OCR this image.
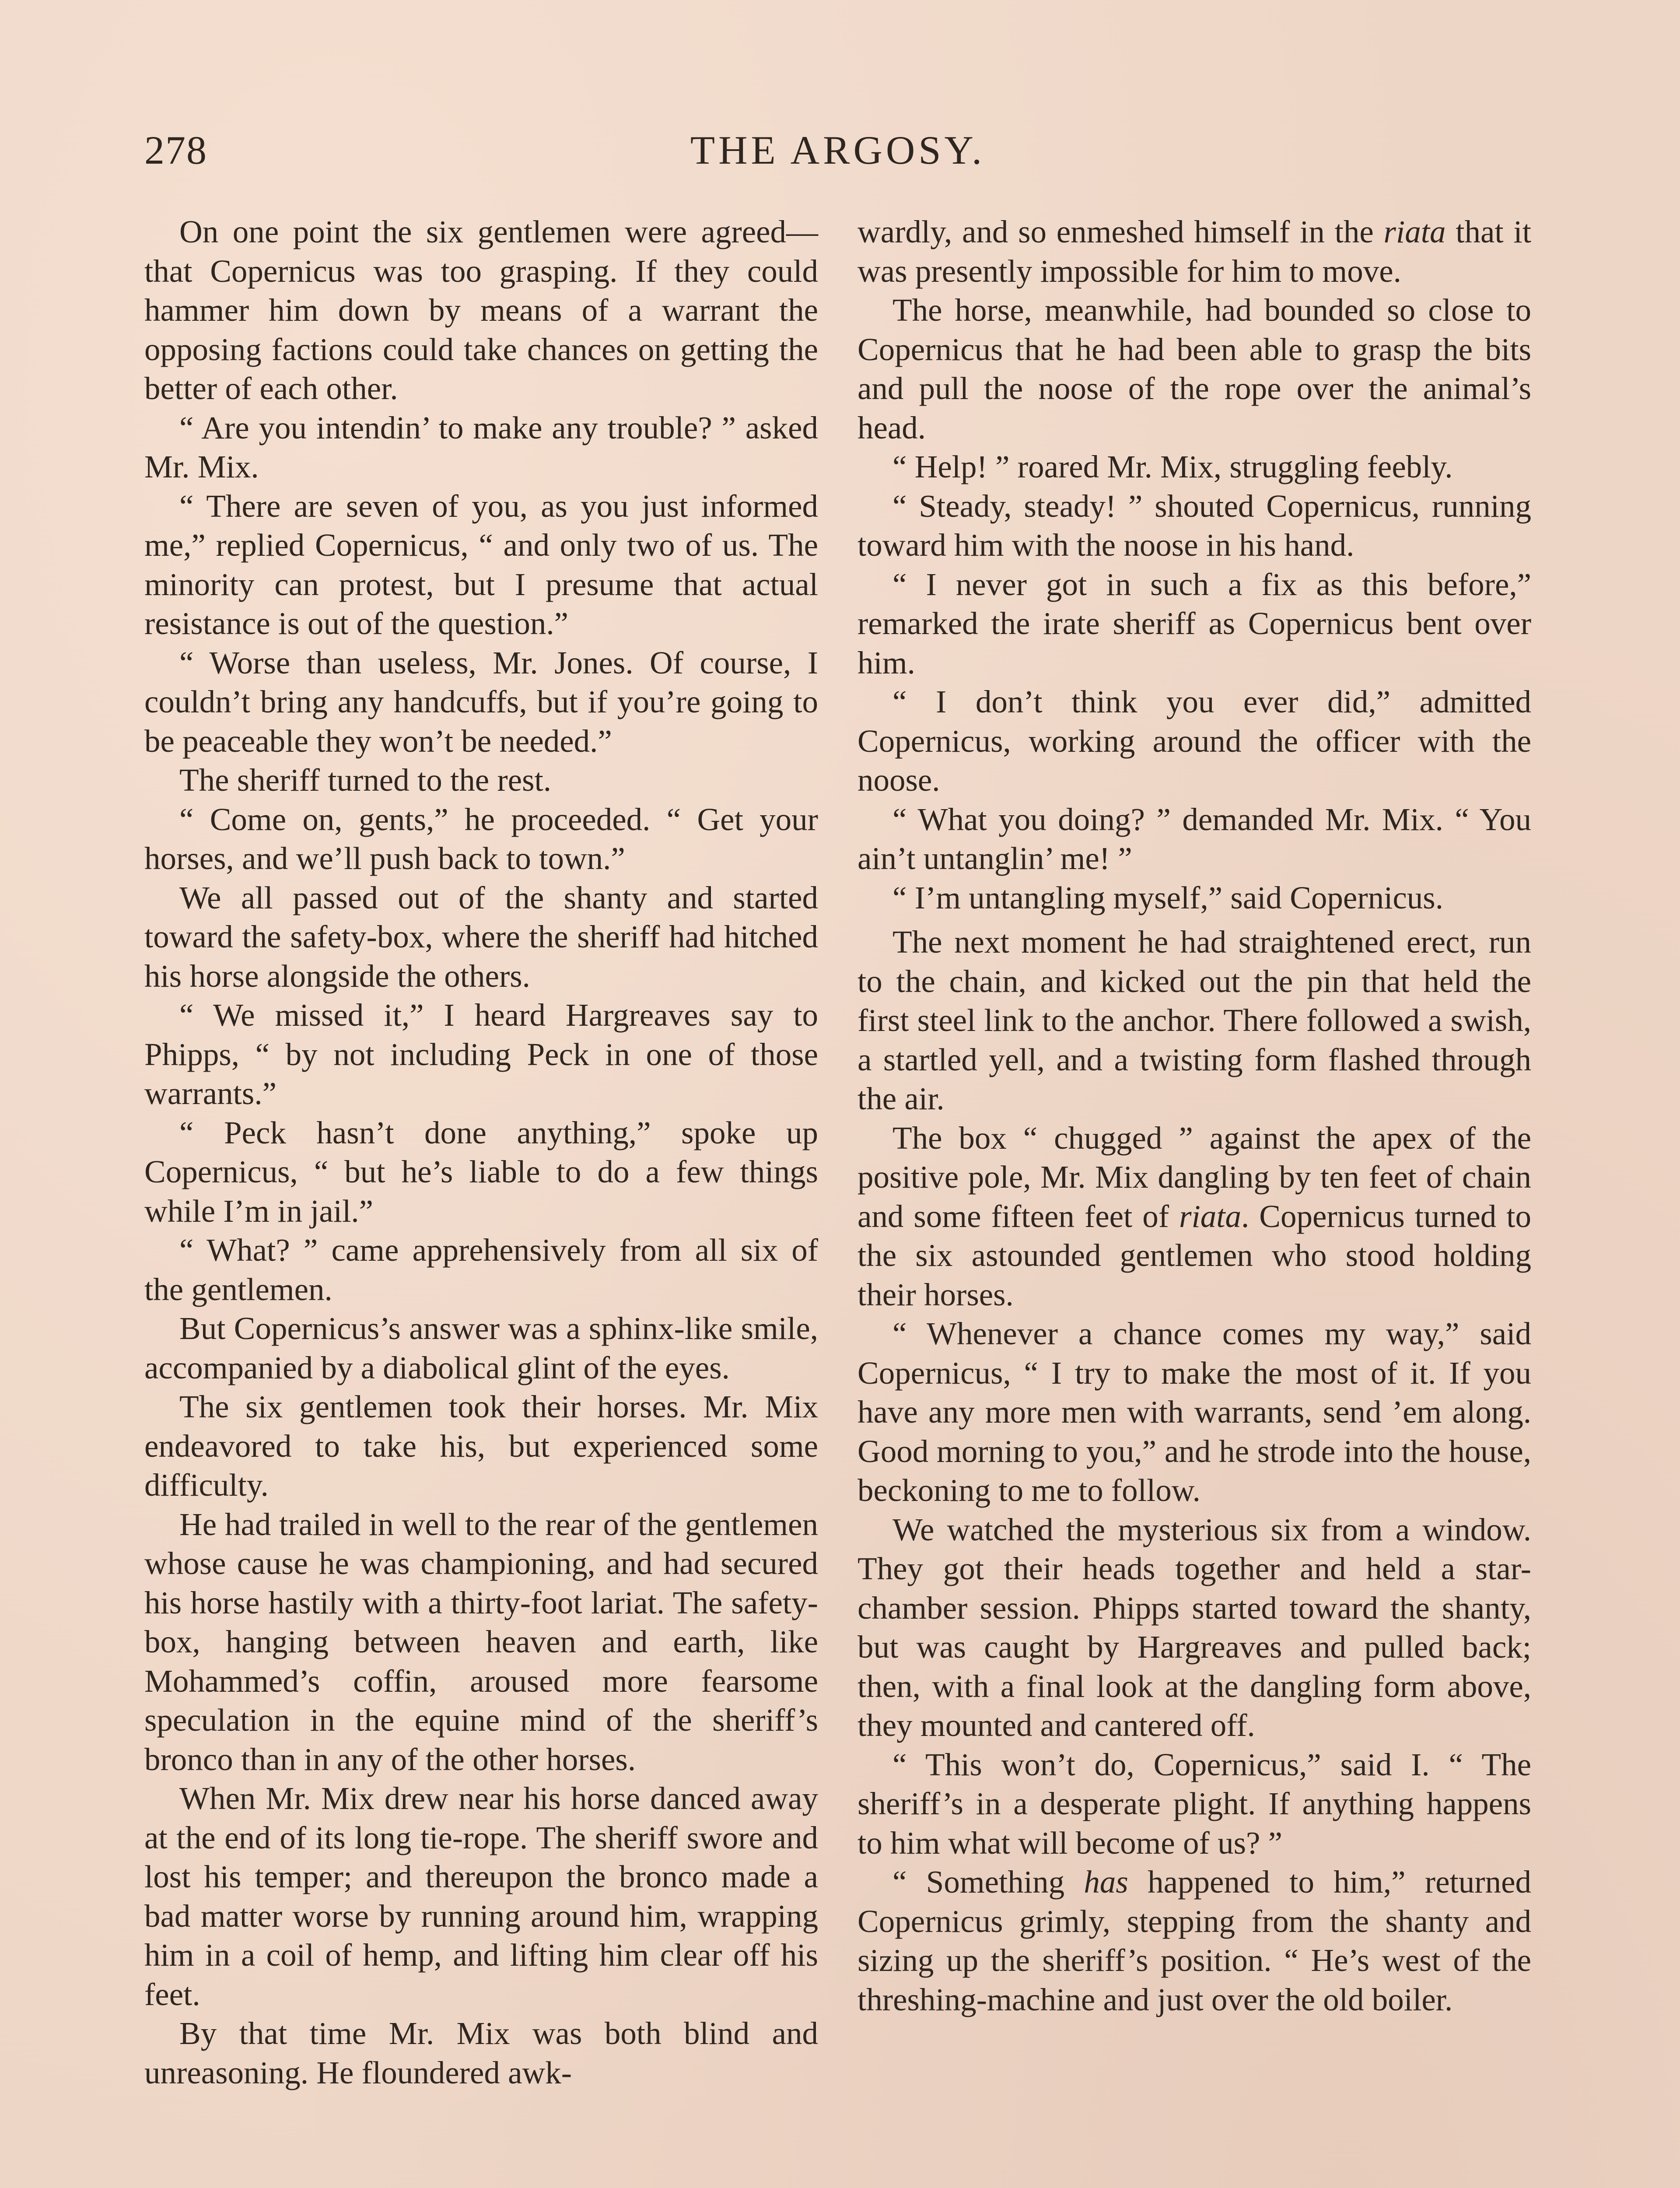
278	THE ARGOSY.

On one point the six gentlemen were agreed—that Copernicus was too grasping. If they could hammer him down by means of a warrant the opposing factions could take chances on getting the better of each other.

“ Are you intendin’ to make any trouble? ” asked Mr. Mix.

“ There are seven of you, as you just informed me,” replied Copernicus, “ and only two of us. The minority can protest, but I presume that actual resistance is out of the question.”

“ Worse than useless, Mr. Jones. Of course, I couldn’t bring any handcuffs, but if you’re going to be peaceable they won’t be needed.”

The sheriff turned to the rest.

“ Come on, gents,” he proceeded. “ Get your horses, and we’ll push back to town.”

We all passed out of the shanty and started toward the safety-box, where the sheriff had hitched his horse alongside the others.

“ We missed it,” I heard Hargreaves say to Phipps, “ by not including Peck in one of those warrants.”

“ Peck hasn’t done anything,” spoke up Copernicus, “ but he’s liable to do a few things while I’m in jail.”

“ What? ” came apprehensively from all six of the gentlemen.

But Copernicus’s answer was a sphinx-like smile, accompanied by a diabolical glint of the eyes.

The six gentlemen took their horses. Mr. Mix endeavored to take his, but experienced some difficulty.

He had trailed in well to the rear of the gentlemen whose cause he was championing, and had secured his horse hastily with a thirty-foot lariat. The safety-box, hanging between heaven and earth, like Mohammed’s coffin, aroused more fearsome speculation in the equine mind of the sheriff’s bronco than in any of the other horses.

When Mr. Mix drew near his horse danced away at the end of its long tie-rope. The sheriff swore and lost his temper; and thereupon the bronco made a bad matter worse by running around him, wrapping him in a coil of hemp, and lifting him clear off his feet.

By that time Mr. Mix was both blind and unreasoning. He floundered awk-

wardly, and so enmeshed himself in the riata that it was presently impossible for him to move.

The horse, meanwhile, had bounded so close to Copernicus that he had been able to grasp the bits and pull the noose of the rope over the animal’s head.

“ Help! ” roared Mr. Mix, struggling feebly.

“ Steady, steady! ” shouted Copernicus, running toward him with the noose in his hand.

“ I never got in such a fix as this before,” remarked the irate sheriff as Copernicus bent over him.

“ I don’t think you ever did,” admitted Copernicus, working around the officer with the noose.

“ What you doing? ” demanded Mr. Mix. “ You ain’t untanglin’ me! ”

“ I’m untangling myself,” said Copernicus.

The next moment he had straightened erect, run to the chain, and kicked out the pin that held the first steel link to the anchor. There followed a swish, a startled yell, and a twisting form flashed through the air.

The box “ chugged ” against the apex of the positive pole, Mr. Mix dangling by ten feet of chain and some fifteen feet of riata. Copernicus turned to the six astounded gentlemen who stood holding their horses.

“ Whenever a chance comes my way,” said Copernicus, “ I try to make the most of it. If you have any more men with warrants, send ’em along. Good morning to you,” and he strode into the house, beckoning to me to follow.

We watched the mysterious six from a window. They got their heads together and held a star-chamber session. Phipps started toward the shanty, but was caught by Hargreaves and pulled back; then, with a final look at the dangling form above, they mounted and cantered off.

“ This won’t do, Copernicus,” said I. “ The sheriff’s in a desperate plight. If anything happens to him what will become of us? ”

“ Something has happened to him,” returned Copernicus grimly, stepping from the shanty and sizing up the sheriff’s position. “ He’s west of the threshing-machine and just over the old boiler.
